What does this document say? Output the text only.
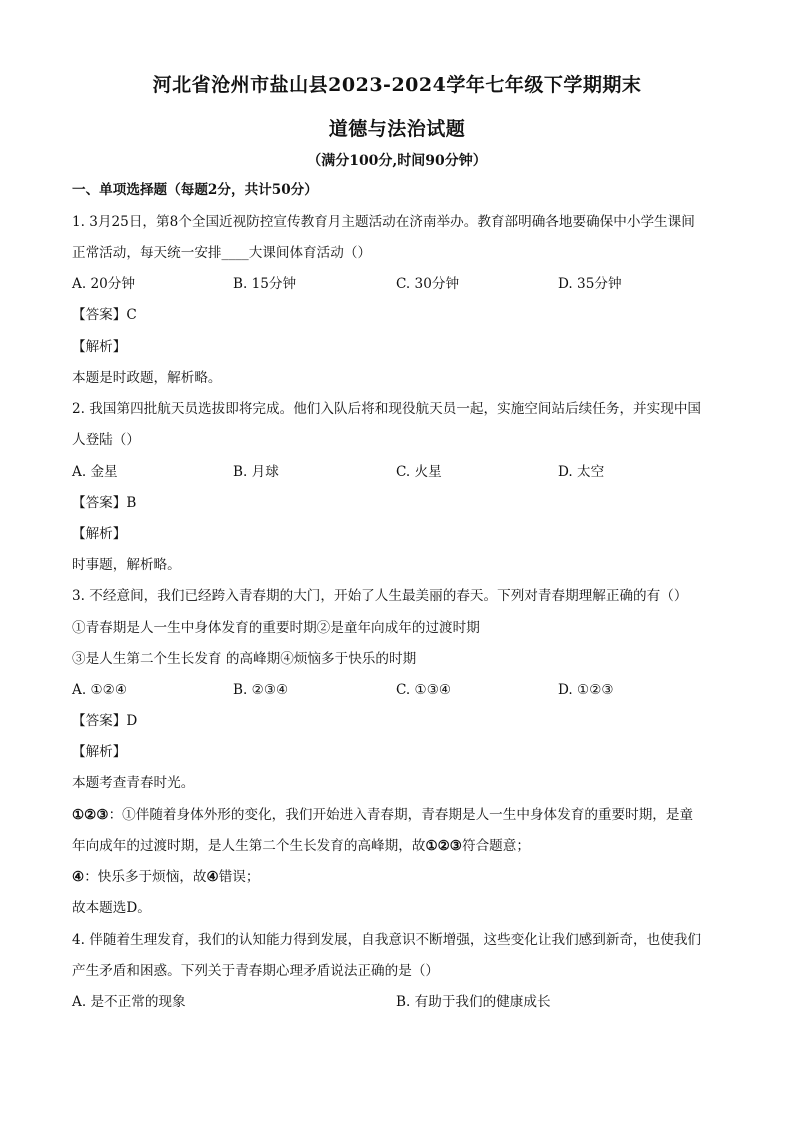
河北省沧州市盐山县2023-2024学年七年级下学期期末
道德与法治试题
（满分100分,时间90分钟）
一、单项选择题（每题2分，共计50分）
1. 3月25日，第8个全国近视防控宣传教育月主题活动在济南举办。教育部明确各地要确保中小学生课间
正常活动，每天统一安排____大课间体育活动（）
A. 20分钟	B. 15分钟	C. 30分钟	D. 35分钟
【答案】C
【解析】
本题是时政题，解析略。
2. 我国第四批航天员选拔即将完成。他们入队后将和现役航天员一起，实施空间站后续任务，并实现中国
人登陆（）
A. 金星	B. 月球	C. 火星	D. 太空
【答案】B
【解析】
时事题，解析略。
3. 不经意间，我们已经跨入青春期的大门，开始了人生最美丽的春天。下列对青春期理解正确的有（）
①青春期是人一生中身体发育的重要时期②是童年向成年的过渡时期
③是人生第二个生长发育 的高峰期④烦恼多于快乐的时期
A. ①②④	B. ②③④	C. ①③④	D. ①②③
【答案】D
【解析】
本题考查青春时光。
①②③：①伴随着身体外形的变化，我们开始进入青春期，青春期是人一生中身体发育的重要时期，是童
年向成年的过渡时期，是人生第二个生长发育的高峰期，故①②③符合题意；
④：快乐多于烦恼，故④错误；
故本题选D。
4. 伴随着生理发育，我们的认知能力得到发展，自我意识不断增强，这些变化让我们感到新奇，也使我们
产生矛盾和困惑。下列关于青春期心理矛盾说法正确的是（）
A. 是不正常的现象	B. 有助于我们的健康成长
